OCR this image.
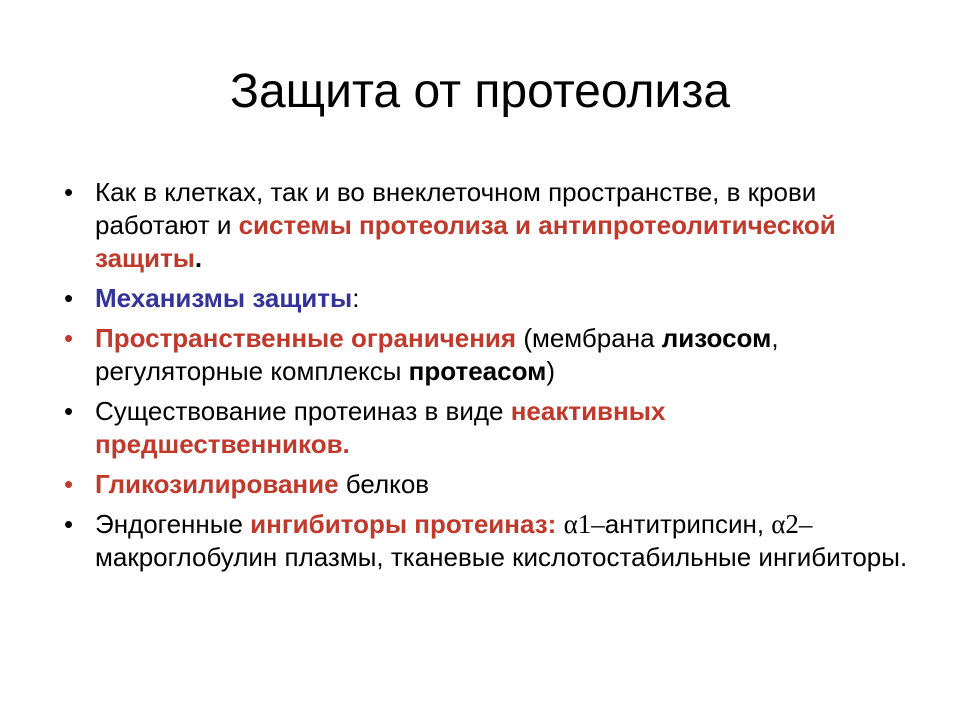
Защита от протеолиза
• Как в клетках, так и во внеклеточном пространстве, в крови работают и системы протеолиза и антипротеолитической защиты.
• Механизмы защиты:
• Пространственные ограничения (мембрана лизосом, регуляторные комплексы протеасом)
• Существование протеиназ в виде неактивных предшественников.
• Гликозилирование белков
• Эндогенные ингибиторы протеиназ: α1–антитрипсин, α2–макроглобулин плазмы, тканевые кислотостабильные ингибиторы.
